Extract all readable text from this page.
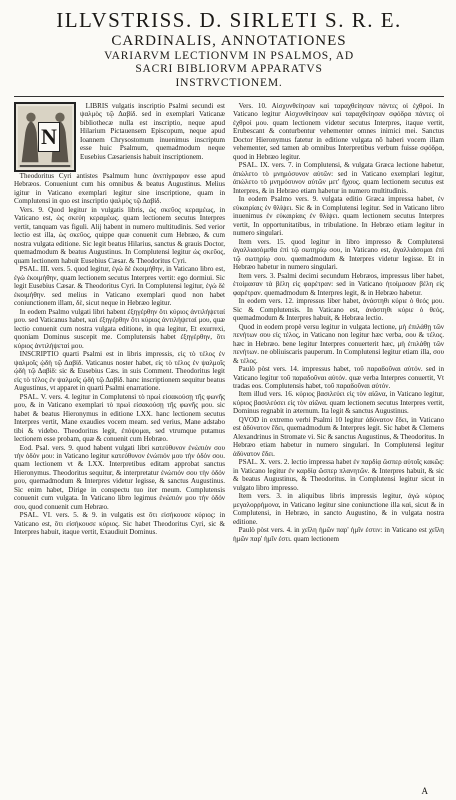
ILLVSTRISS. D. SIRLETI S. R. E.
CARDINALIS, ANNOTATIONES
VARIARVM LECTIONVM IN PSALMOS, AD
SACRI BIBLIORVM APPARATVS
INSTRVCTIONEM.
N

LIBRIS vulgatis inscriptio Psalmi secundi est ψαλμὸς τῷ Δαβίδ. sed in exemplari Vaticanæ bibliothecæ nulla est inscriptio, neque apud Hilarium Pictauensem Episcopum, neque apud Ioannem Chrysostomum inuenimus inscriptum esse huic Psalmum, quemadmodum neque Eusebius Cæsariensis habuit inscriptionem.

Theodoritus Cyri antistes Psalmum hunc ἀνεπίγραφον esse apud Hebræos. Conueniunt cum his omnibus & beatus Augustinus. Melius igitur in Vaticano exemplari legitur sine inscriptione, quam in Complutensi in quo est inscriptio ψαλμὸς τῷ Δαβίδ.

Vers. 9. Quod legitur in vulgatis libris, ὡς σκεῦος κεραμέως, in Vaticano est, ὡς σκεύη κεραμέως. quam lectionem secutus Interpres vertit, tanquam vas figuli. Alij habent in numero multitudinis. Sed verior lectio est illa, ὡς σκεῦος, quippe quæ conuenit cum Hebræo, & cum nostra vulgata editione. Sic legit beatus Hilarius, sanctus & grauis Doctor, quemadmodum & beatus Augustinus. In Complutensi legitur ὡς σκεῦος, quam lectionem habuit Eusebius Cæsar. & Theodoritus Cyri.

PSAL. III. vers. 5. quod legitur, ἐγὼ δὲ ἐκοιμήθην, in Vaticano libro est, ἐγὼ ἐκοιμήθην, quam lectionem secutus Interpres vertit: ego dormiui. Sic legit Eusebius Cæsar. & Theodoritus Cyri. In Complutensi legitur, ἐγὼ δὲ ἐκοιμήθην. sed melius in Vaticano exemplari quod non habet coniunctionem illam, δὲ, sicut neque in Hebræo legitur.

In eodem Psalmo vulgati libri habent ἐξηγέρθην ὅτι κύριος ἀντιλήψεταί μου. sed Vaticanus habet, καὶ ἐξηγέρθην ὅτι κύριος ἀντιλήψεταί μου, quæ lectio conuenit cum nostra vulgata editione, in qua legitur, Et exurrexi, quoniam Dominus suscepit me. Complutensis habet ἐξηγέρθην, ὅτι κύριος ἀντιλήψεταί μου.

INSCRIPTIO quarti Psalmi est in libris impressis, εἰς τὸ τέλος ἐν ψαλμοῖς ᾠδὴ τῷ Δαβίδ. Vaticanus noster habet, εἰς τὸ τέλος ἐν ψαλμοῖς ᾠδὴ τῷ Δαβίδ: sic & Eusebius Cæs. in suis Comment. Theodoritus legit εἰς τὸ τέλος ἐν ψαλμοῖς ᾠδὴ τῷ Δαβίδ. hanc inscriptionem sequitur beatus Augustinus, vt apparet in quarti Psalmi enarratione.

PSAL. V. vers. 4. legitur in Complutensi τὸ πρωὶ εἰσακούσῃ τῆς φωνῆς μου, & in Vaticano exemplari τὸ πρωὶ εἰσακούσῃ τῆς φωνῆς μου. sic habet & beatus Hieronymus in editione LXX. hanc lectionem secutus Interpres vertit, Mane exaudies vocem meam. sed verius, Mane adstabo tibi & videbo. Theodoritus legit, ἐπόψομαι, sed vtrumque putamus lectionem esse probam, quæ & conuenit cum Hebræo.

Eod. Psal. vers. 9. quod habent vulgati libri κατεύθυνον ἐνώπιόν σου τὴν ὁδόν μου: in Vaticano legitur κατεύθυνον ἐνώπιόν μου τὴν ὁδόν σου. quam lectionem vt & LXX. Interpretibus editam approbat sanctus Hieronymus. Theodoritus sequitur, & interpretatur ἐνώπιόν σου τὴν ὁδόν μου, quemadmodum & Interpres videtur legisse, & sanctus Augustinus. Sic enim habet, Dirige in conspectu tuo iter meum. Complutensis conuenit cum vulgata. In Vaticano libro legimus ἐνώπιόν μου τὴν ὁδόν σου, quod conuenit cum Hebræo.

PSAL. VI. vers. 5. & 9. in vulgatis est ὅτι εἰσήκουσε κύριος: in Vaticano est, ὅτι εἰσήκουσε κύριος. Sic habet Theodoritus Cyri, sic & Interpres habuit, itaque vertit, Exaudiuit Dominus.

Vers. 10. Αἰσχυνθείησαν καὶ ταραχθείησαν πάντες οἱ ἐχθροί. In Vaticano legitur Αἰσχυνθείησαν καὶ ταραχθείησαν σφόδρα πάντες οἱ ἐχθροί μου. quam lectionem videtur secutus Interpres, itaque vertit, Erubescant & conturbentur vehementer omnes inimici mei. Sanctus Doctor Hieronymus fatetur in editione vulgata nõ haberi vocem illam vehementer, sed tamen ab omnibus Interpretibus verbum fuisse σφόδρα, quod in Hebræo legitur.

PSAL. IX. vers. 7. in Complutensi, & vulgata Græca lectione habetur, ἀπώλετο τὸ μνημόσυνον αὐτῶν: sed in Vaticano exemplari legitur, ἀπώλετο τὸ μνημόσυνον αὐτῶν μετ' ἤχους. quam lectionem secutus est Interpres, & in Hebræo etiam habetur in numero multitudinis.

In eodem Psalmo vers. 9. vulgata editio Græca impressa habet, ἐν εὐκαιρίαις ἐν θλίψει. Sic & in Complutensi legitur. Sed in Vaticano libro inuenimus ἐν εὐκαιρίαις ἐν θλίψει. quam lectionem secutus Interpres vertit, In opportunitatibus, in tribulatione. In Hebræo etiam legitur in numero singulari.

Item vers. 15. quod legitur in libro impresso & Complutensi ἀγαλλιασόμεθα ἐπὶ τῷ σωτηρίῳ σου, in Vaticano est, ἀγαλλιάσομαι ἐπὶ τῷ σωτηρίῳ σου. quemadmodum & Interpres videtur legisse. Et in Hebræo habetur in numero singulari.

Item vers. 3. Psalmi decimi secundum Hebræos, impressus liber habet, ἑτοίμασαν τὰ βέλη εἰς φαρέτραν: sed in Vaticano ἡτοίμασαν βέλη εἰς φαρέτραν. quemadmodum & Interpres legit, & in Hebræo habetur.

In eodem vers. 12. impressus liber habet, ἀνάστηθι κύριε ὁ θεός μου. Sic & Complutensis. In Vaticano est, ἀνάστηθι κύριε ὁ θεός, quemadmodum & Interpres habuit, & Hebræa lectio.

Quod in eodem propè versu legitur in vulgata lectione, μὴ ἐπιλάθῃ τῶν πενήτων σου εἰς τέλος, in Vaticano non legitur hæc verba, σου & τέλος. hæc in Hebræo. bene legitur Interpres conuerterit hæc, μὴ ἐπιλάθῃ τῶν πενήτων. ne obliuiscaris pauperum. In Complutensi legitur etiam illa, σου & τέλος.

Paulò pòst vers. 14. impressus habet, τοῦ παραδοῦναι αὐτόν. sed in Vaticano legitur τοῦ παραδοῦναι αὐτόν. quæ verba Interpres conuertit, Vt tradas eos. Complutensis habet, τοῦ παραδοῦναι αὐτόν.

Item illud vers. 16. κύριος βασιλεύει εἰς τὸν αἰῶνα, in Vaticano legitur, κύριος βασιλεύσει εἰς τὸν αἰῶνα. quam lectionem secutus Interpres vertit, Dominus regnabit in æternum. Ita legit & sanctus Augustinus.

QVOD in extremo verbi Psalmi 10 legitur ἀδύνατον ἔδει, in Vaticano est ἀδύνατον ἔδει, quemadmodum & Interpres legit. Sic habet & Clemens Alexandrinus in Stromate vi. Sic & sanctus Augustinus, & Theodoritus. In Hebræo etiam habetur in numero singulari. In Complutensi legitur ἀδύνατον ἔδει.

PSAL. X. vers. 2. lectio impressa habet ἐν παρδίᾳ ὥσπερ αὐτοῖς κακῶς: in Vaticano legitur ἐν καρδίᾳ ὥσπερ πλανητῶν. & Interpres habuit, & sic & beatus Augustinus, & Theodoritus. in Complutensi legitur sicut in vulgato libro impresso.

Item vers. 3. in aliquibus libris impressis legitur, ἀγὼ κύριος μεγαλορρήμονα, in Vaticano legitur sine coniunctione illa καὶ, sicut & in Complutensi, in Hebræo, in sancto Augustino, & in vulgata nostra editione.

Paulò pòst vers. 4. in χεῖλη ἡμῶν παρ' ἡμῖν ἐστιν: in Vaticano est χεῖλη ἡμῶν παρ' ἡμῖν ἐστι. quam lectionem

A
